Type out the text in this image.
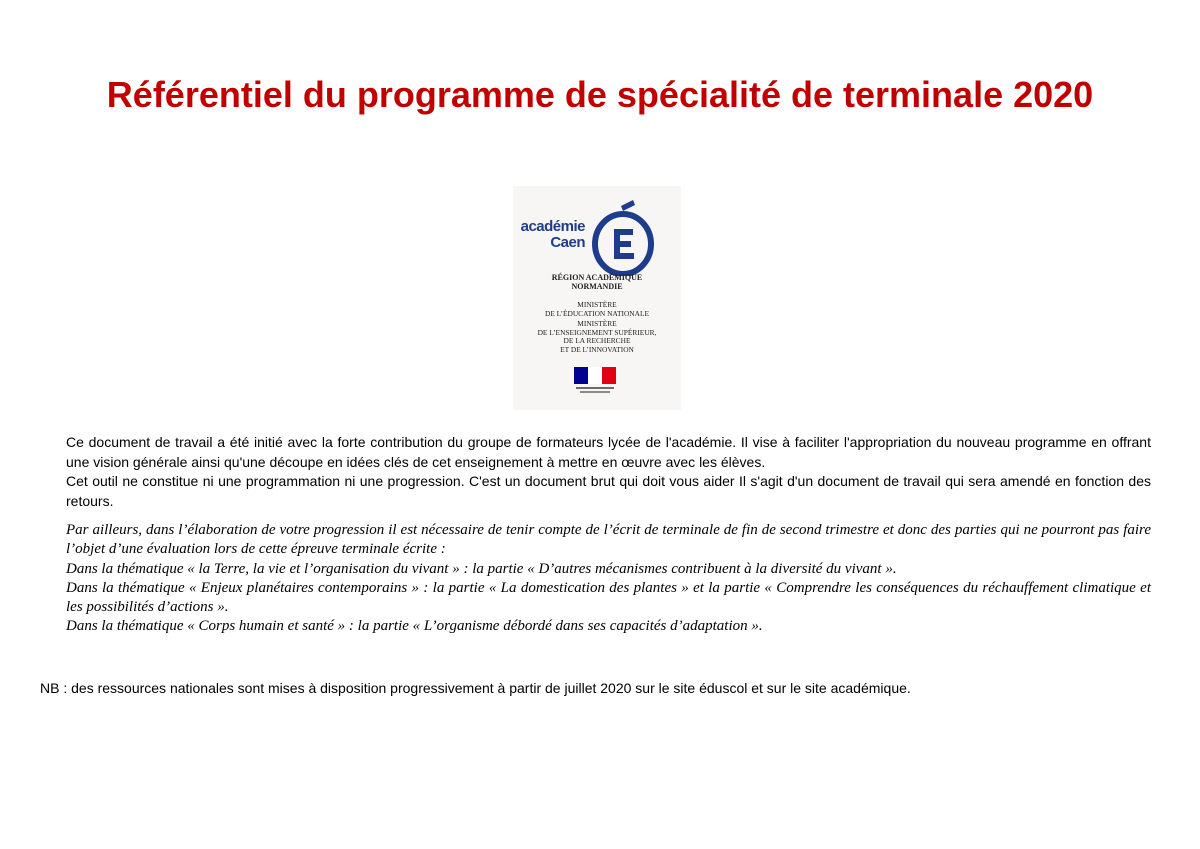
Référentiel du programme de spécialité de terminale 2020
académie
Caen
RÉGION ACADÉMIQUE
NORMANDIE
MINISTÈRE
DE L’ÉDUCATION NATIONALE
MINISTÈRE
DE L’ENSEIGNEMENT SUPÉRIEUR,
DE LA RECHERCHE
ET DE L’INNOVATION

Ce document de travail a été initié avec la forte contribution du groupe de formateurs lycée de l'académie. Il vise à faciliter l'appropriation du nouveau programme en offrant une vision générale ainsi qu'une découpe en idées clés de cet enseignement à mettre en œuvre avec les élèves.
Cet outil ne constitue ni une programmation ni une progression. C'est un document brut qui doit vous aider Il s'agit d'un document de travail qui sera amendé en fonction des retours.

Par ailleurs, dans l’élaboration de votre progression il est nécessaire de tenir compte de l’écrit de terminale de fin de second trimestre et donc des parties qui ne pourront pas faire l’objet d’une évaluation lors de cette épreuve terminale écrite :

Dans la thématique « la Terre, la vie et l’organisation du vivant » : la partie « D’autres mécanismes contribuent à la diversité du vivant ».

Dans la thématique « Enjeux planétaires contemporains » : la partie « La domestication des plantes » et la partie « Comprendre les conséquences du réchauffement climatique et les possibilités d’actions ».

Dans la thématique « Corps humain et santé » : la partie « L’organisme débordé dans ses capacités d’adaptation ».

NB : des ressources nationales sont mises à disposition progressivement à partir de juillet 2020 sur le site éduscol et sur le site académique.
